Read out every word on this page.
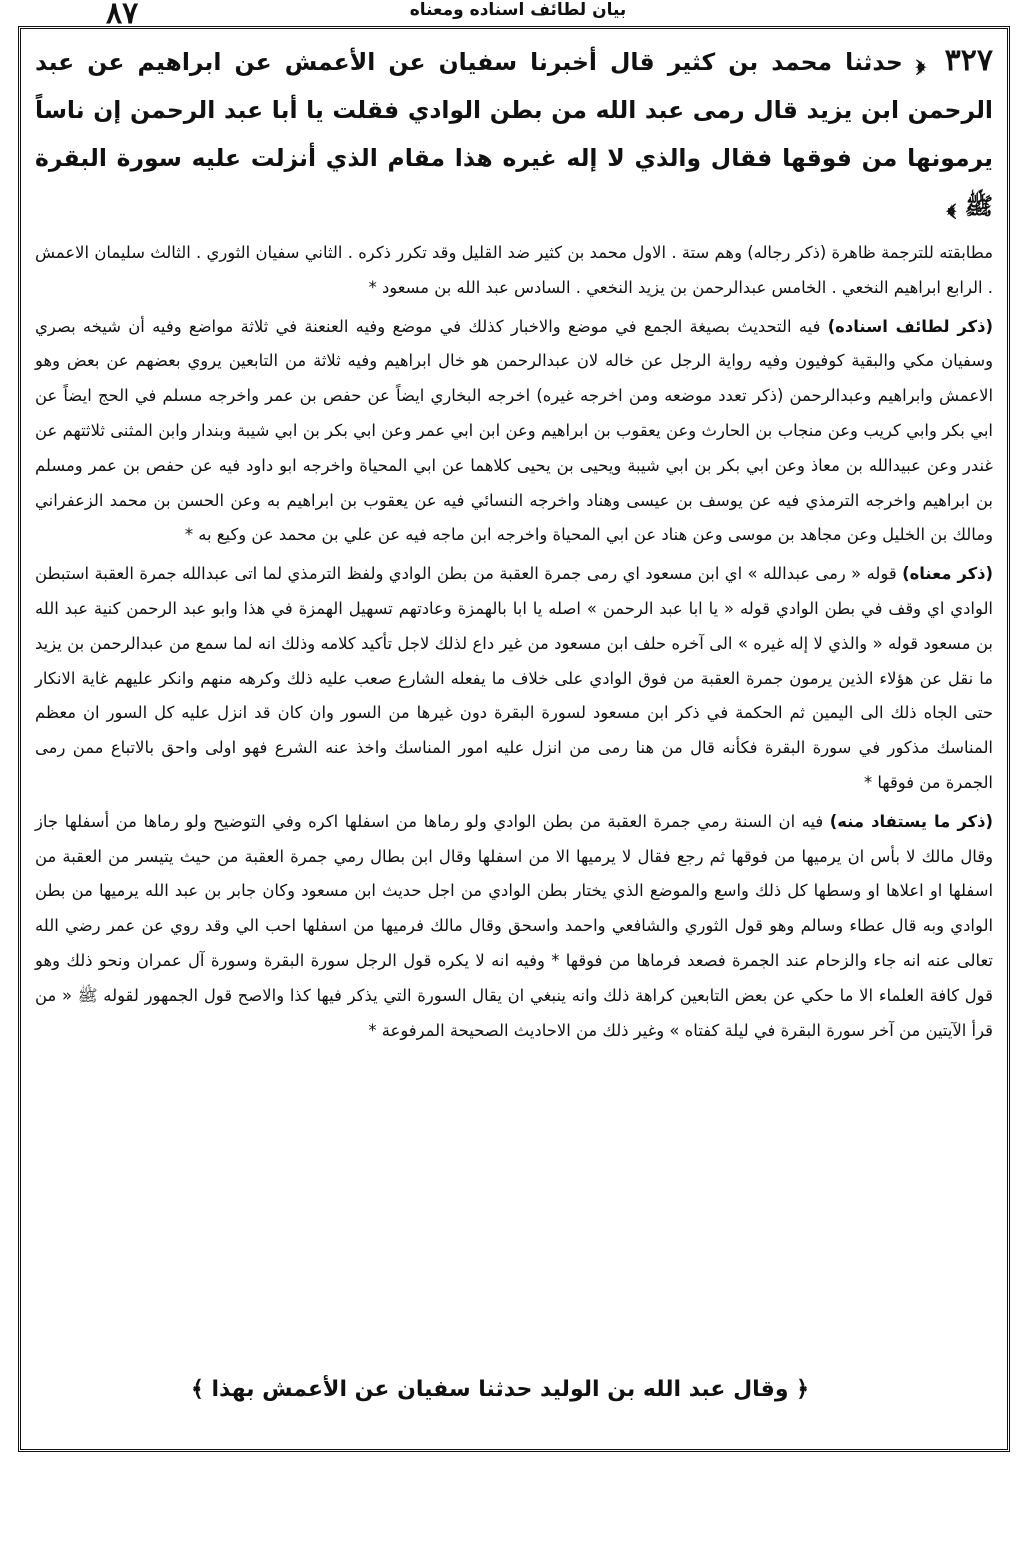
٨٧	بيان لطائف اسناده ومعناه

٣٢٧ ﴿ حدثنا محمد بن كثير قال أخبرنا سفيان عن الأعمش عن ابراهيم عن عبد الرحمن ابن يزيد قال رمى عبد الله من بطن الوادي فقلت يا أبا عبد الرحمن إن ناساً يرمونها من فوقها فقال والذي لا إله غيره هذا مقام الذي أنزلت عليه سورة البقرة ﷺ ﴾

مطابقته للترجمة ظاهرة (ذكر رجاله) وهم ستة . الاول محمد بن كثير ضد القليل وقد تكرر ذكره . الثاني سفيان الثوري . الثالث سليمان الاعمش . الرابع ابراهيم النخعي . الخامس عبدالرحمن بن يزيد النخعي . السادس عبد الله بن مسعود *

(ذكر لطائف اسناده) فيه التحديث بصيغة الجمع في موضع والاخبار كذلك في موضع وفيه العنعنة في ثلاثة مواضع وفيه أن شيخه بصري وسفيان مكي والبقية كوفيون وفيه رواية الرجل عن خاله لان عبدالرحمن هو خال ابراهيم وفيه ثلاثة من التابعين يروي بعضهم عن بعض وهو الاعمش وابراهيم وعبدالرحمن (ذكر تعدد موضعه ومن اخرجه غيره) اخرجه البخاري ايضاً عن حفص بن عمر واخرجه مسلم في الحج ايضاً عن ابي بكر وابي كريب وعن منجاب بن الحارث وعن يعقوب بن ابراهيم وعن ابن ابي عمر وعن ابي بكر بن ابي شيبة وبندار وابن المثنى ثلاثتهم عن غندر وعن عبيدالله بن معاذ وعن ابي بكر بن ابي شيبة ويحيى بن يحيى كلاهما عن ابي المحياة واخرجه ابو داود فيه عن حفص بن عمر ومسلم بن ابراهيم واخرجه الترمذي فيه عن يوسف بن عيسى وهناد واخرجه النسائي فيه عن يعقوب بن ابراهيم به وعن الحسن بن محمد الزعفراني ومالك بن الخليل وعن مجاهد بن موسى وعن هناد عن ابي المحياة واخرجه ابن ماجه فيه عن علي بن محمد عن وكيع به *

(ذكر معناه) قوله « رمى عبدالله » اي ابن مسعود اي رمى جمرة العقبة من بطن الوادي ولفظ الترمذي لما اتى عبدالله جمرة العقبة استبطن الوادي اي وقف في بطن الوادي قوله « يا ابا عبد الرحمن » اصله يا ابا بالهمزة وعادتهم تسهيل الهمزة في هذا وابو عبد الرحمن كنية عبد الله بن مسعود قوله « والذي لا إله غيره » الى آخره حلف ابن مسعود من غير داع لذلك لاجل تأكيد كلامه وذلك انه لما سمع من عبدالرحمن بن يزيد ما نقل عن هؤلاء الذين يرمون جمرة العقبة من فوق الوادي على خلاف ما يفعله الشارع صعب عليه ذلك وكرهه منهم وانكر عليهم غاية الانكار حتى الجاه ذلك الى اليمين ثم الحكمة في ذكر ابن مسعود لسورة البقرة دون غيرها من السور وان كان قد انزل عليه كل السور ان معظم المناسك مذكور في سورة البقرة فكأنه قال من هنا رمى من انزل عليه امور المناسك واخذ عنه الشرع فهو اولى واحق بالاتباع ممن رمى الجمرة من فوقها *

(ذكر ما يستفاد منه) فيه ان السنة رمي جمرة العقبة من بطن الوادي ولو رماها من اسفلها اكره وفي التوضيح ولو رماها من أسفلها جاز وقال مالك لا بأس ان يرميها من فوقها ثم رجع فقال لا يرميها الا من اسفلها وقال ابن بطال رمي جمرة العقبة من حيث يتيسر من العقبة من اسفلها او اعلاها او وسطها كل ذلك واسع والموضع الذي يختار بطن الوادي من اجل حديث ابن مسعود وكان جابر بن عبد الله يرميها من بطن الوادي وبه قال عطاء وسالم وهو قول الثوري والشافعي واحمد واسحق وقال مالك فرميها من اسفلها احب الي وقد روي عن عمر رضي الله تعالى عنه انه جاء والزحام عند الجمرة فصعد فرماها من فوقها * وفيه انه لا يكره قول الرجل سورة البقرة وسورة آل عمران ونحو ذلك وهو قول كافة العلماء الا ما حكي عن بعض التابعين كراهة ذلك وانه ينبغي ان يقال السورة التي يذكر فيها كذا والاصح قول الجمهور لقوله ﷺ « من قرأ الآيتين من آخر سورة البقرة في ليلة كفتاه » وغير ذلك من الاحاديث الصحيحة المرفوعة *

﴿ وقال عبد الله بن الوليد حدثنا سفيان عن الأعمش بهذا ﴾
